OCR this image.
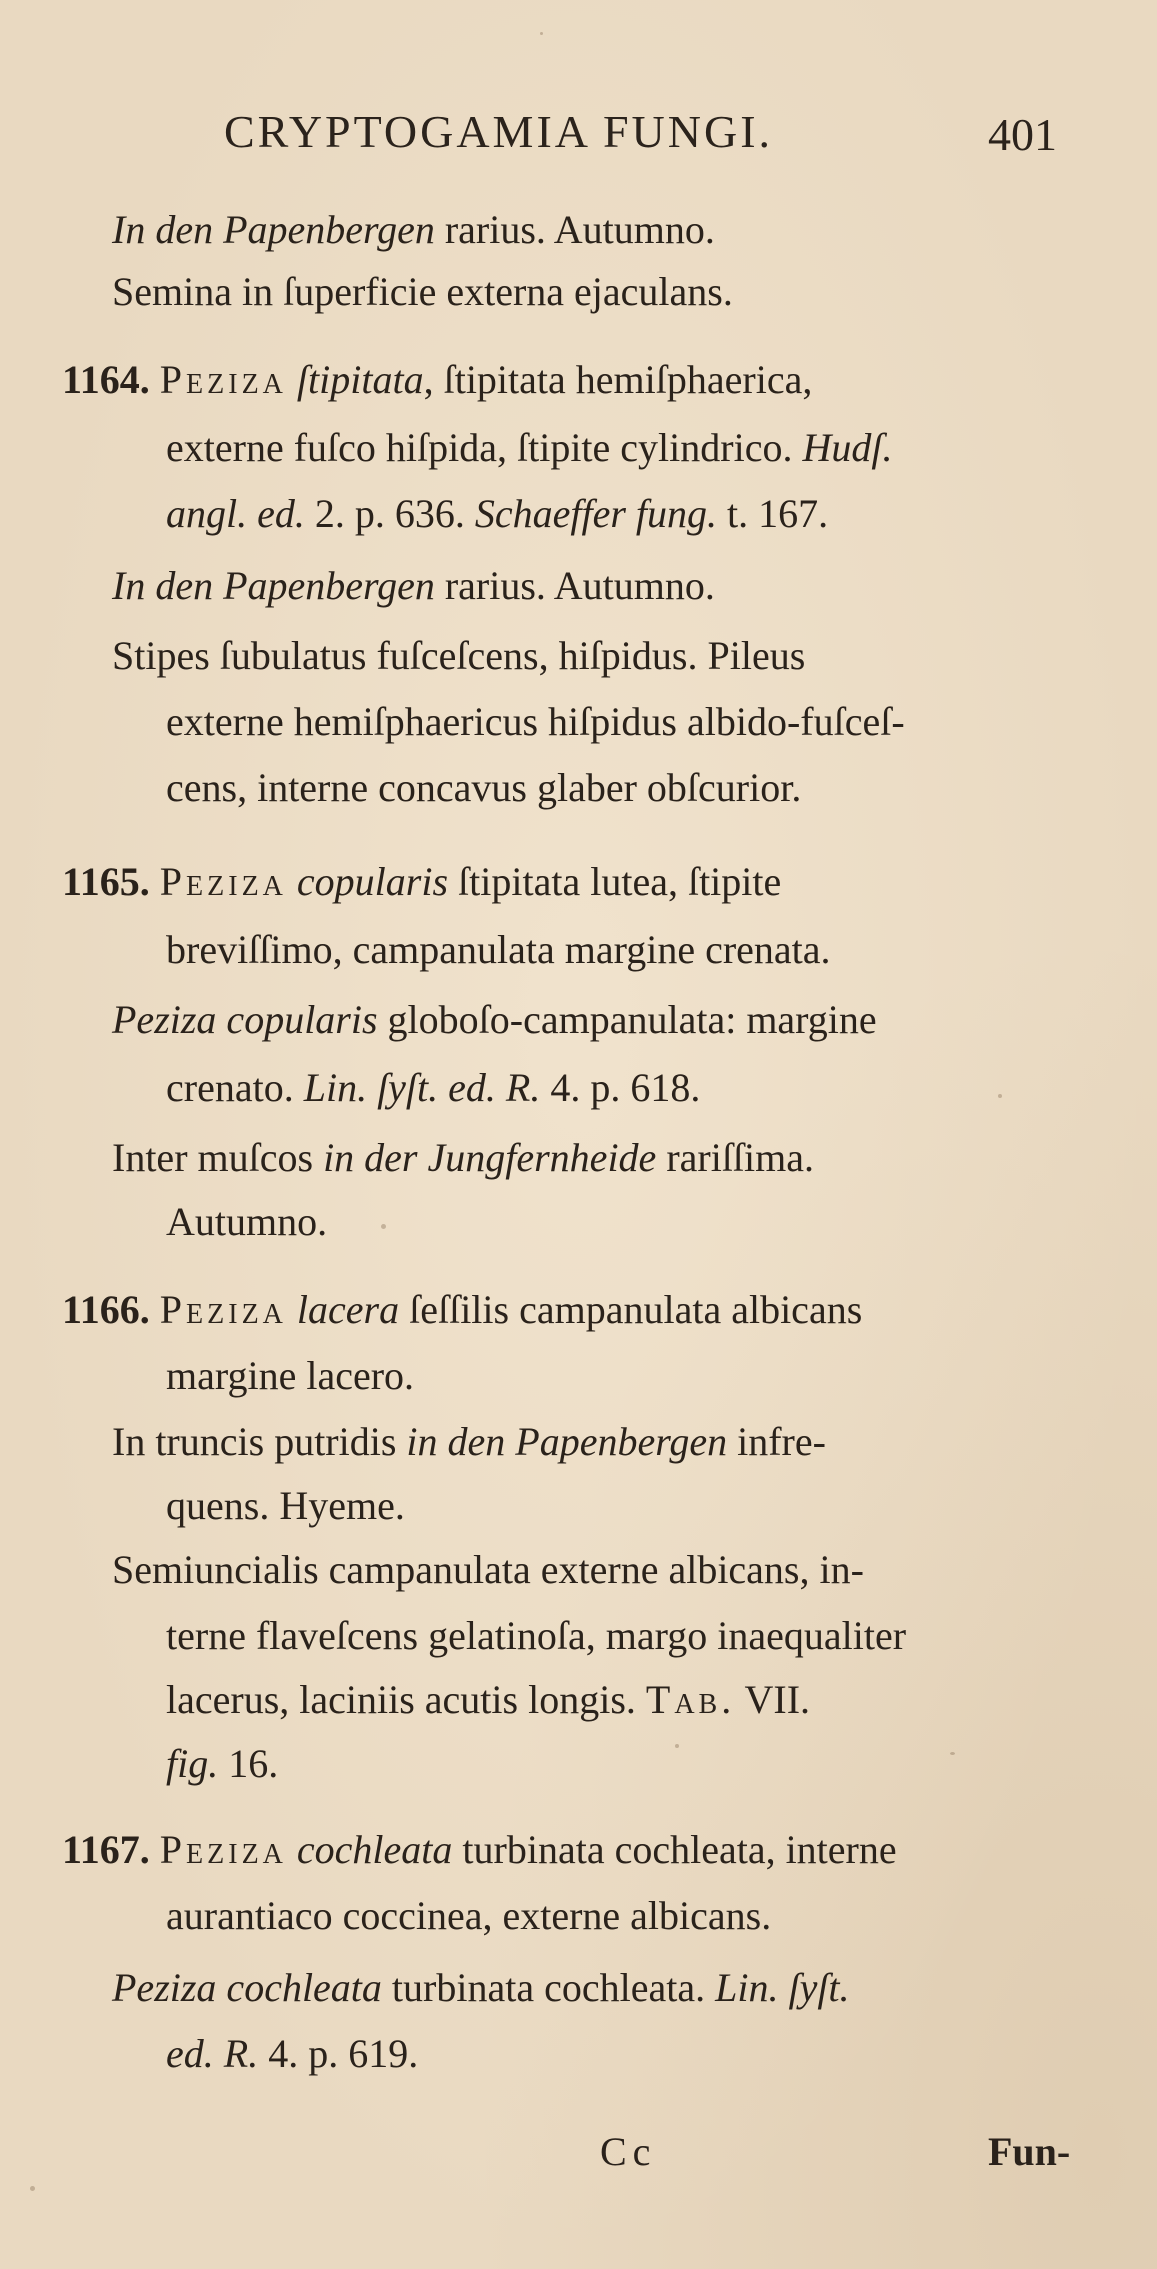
CRYPTOGAMIA FUNGI.	401
In den Papenbergen rarius. Autumno.
Semina in ſuperficie externa ejaculans.
1164. Peziza ſtipitata, ſtipitata hemiſphaerica,
externe fuſco hiſpida, ſtipite cylindrico. Hudſ.
angl. ed. 2. p. 636. Schaeffer fung. t. 167.
In den Papenbergen rarius. Autumno.
Stipes ſubulatus fuſceſcens, hiſpidus. Pileus
externe hemiſphaericus hiſpidus albido-fuſceſ-
cens, interne concavus glaber obſcurior.
1165. Peziza copularis ſtipitata lutea, ſtipite
breviſſimo, campanulata margine crenata.
Peziza copularis globoſo-campanulata: margine
crenato. Lin. ſyſt. ed. R. 4. p. 618.
Inter muſcos in der Jungfernheide rariſſima.
Autumno.
1166. Peziza lacera ſeſſilis campanulata albicans
margine lacero.
In truncis putridis in den Papenbergen infre-
quens. Hyeme.
Semiuncialis campanulata externe albicans, in-
terne flaveſcens gelatinoſa, margo inaequaliter
lacerus, laciniis acutis longis. Tab. VII.
fig. 16.
1167. Peziza cochleata turbinata cochleata, interne
aurantiaco coccinea, externe albicans.
Peziza cochleata turbinata cochleata. Lin. ſyſt.
ed. R. 4. p. 619.
Cc	Fun-
